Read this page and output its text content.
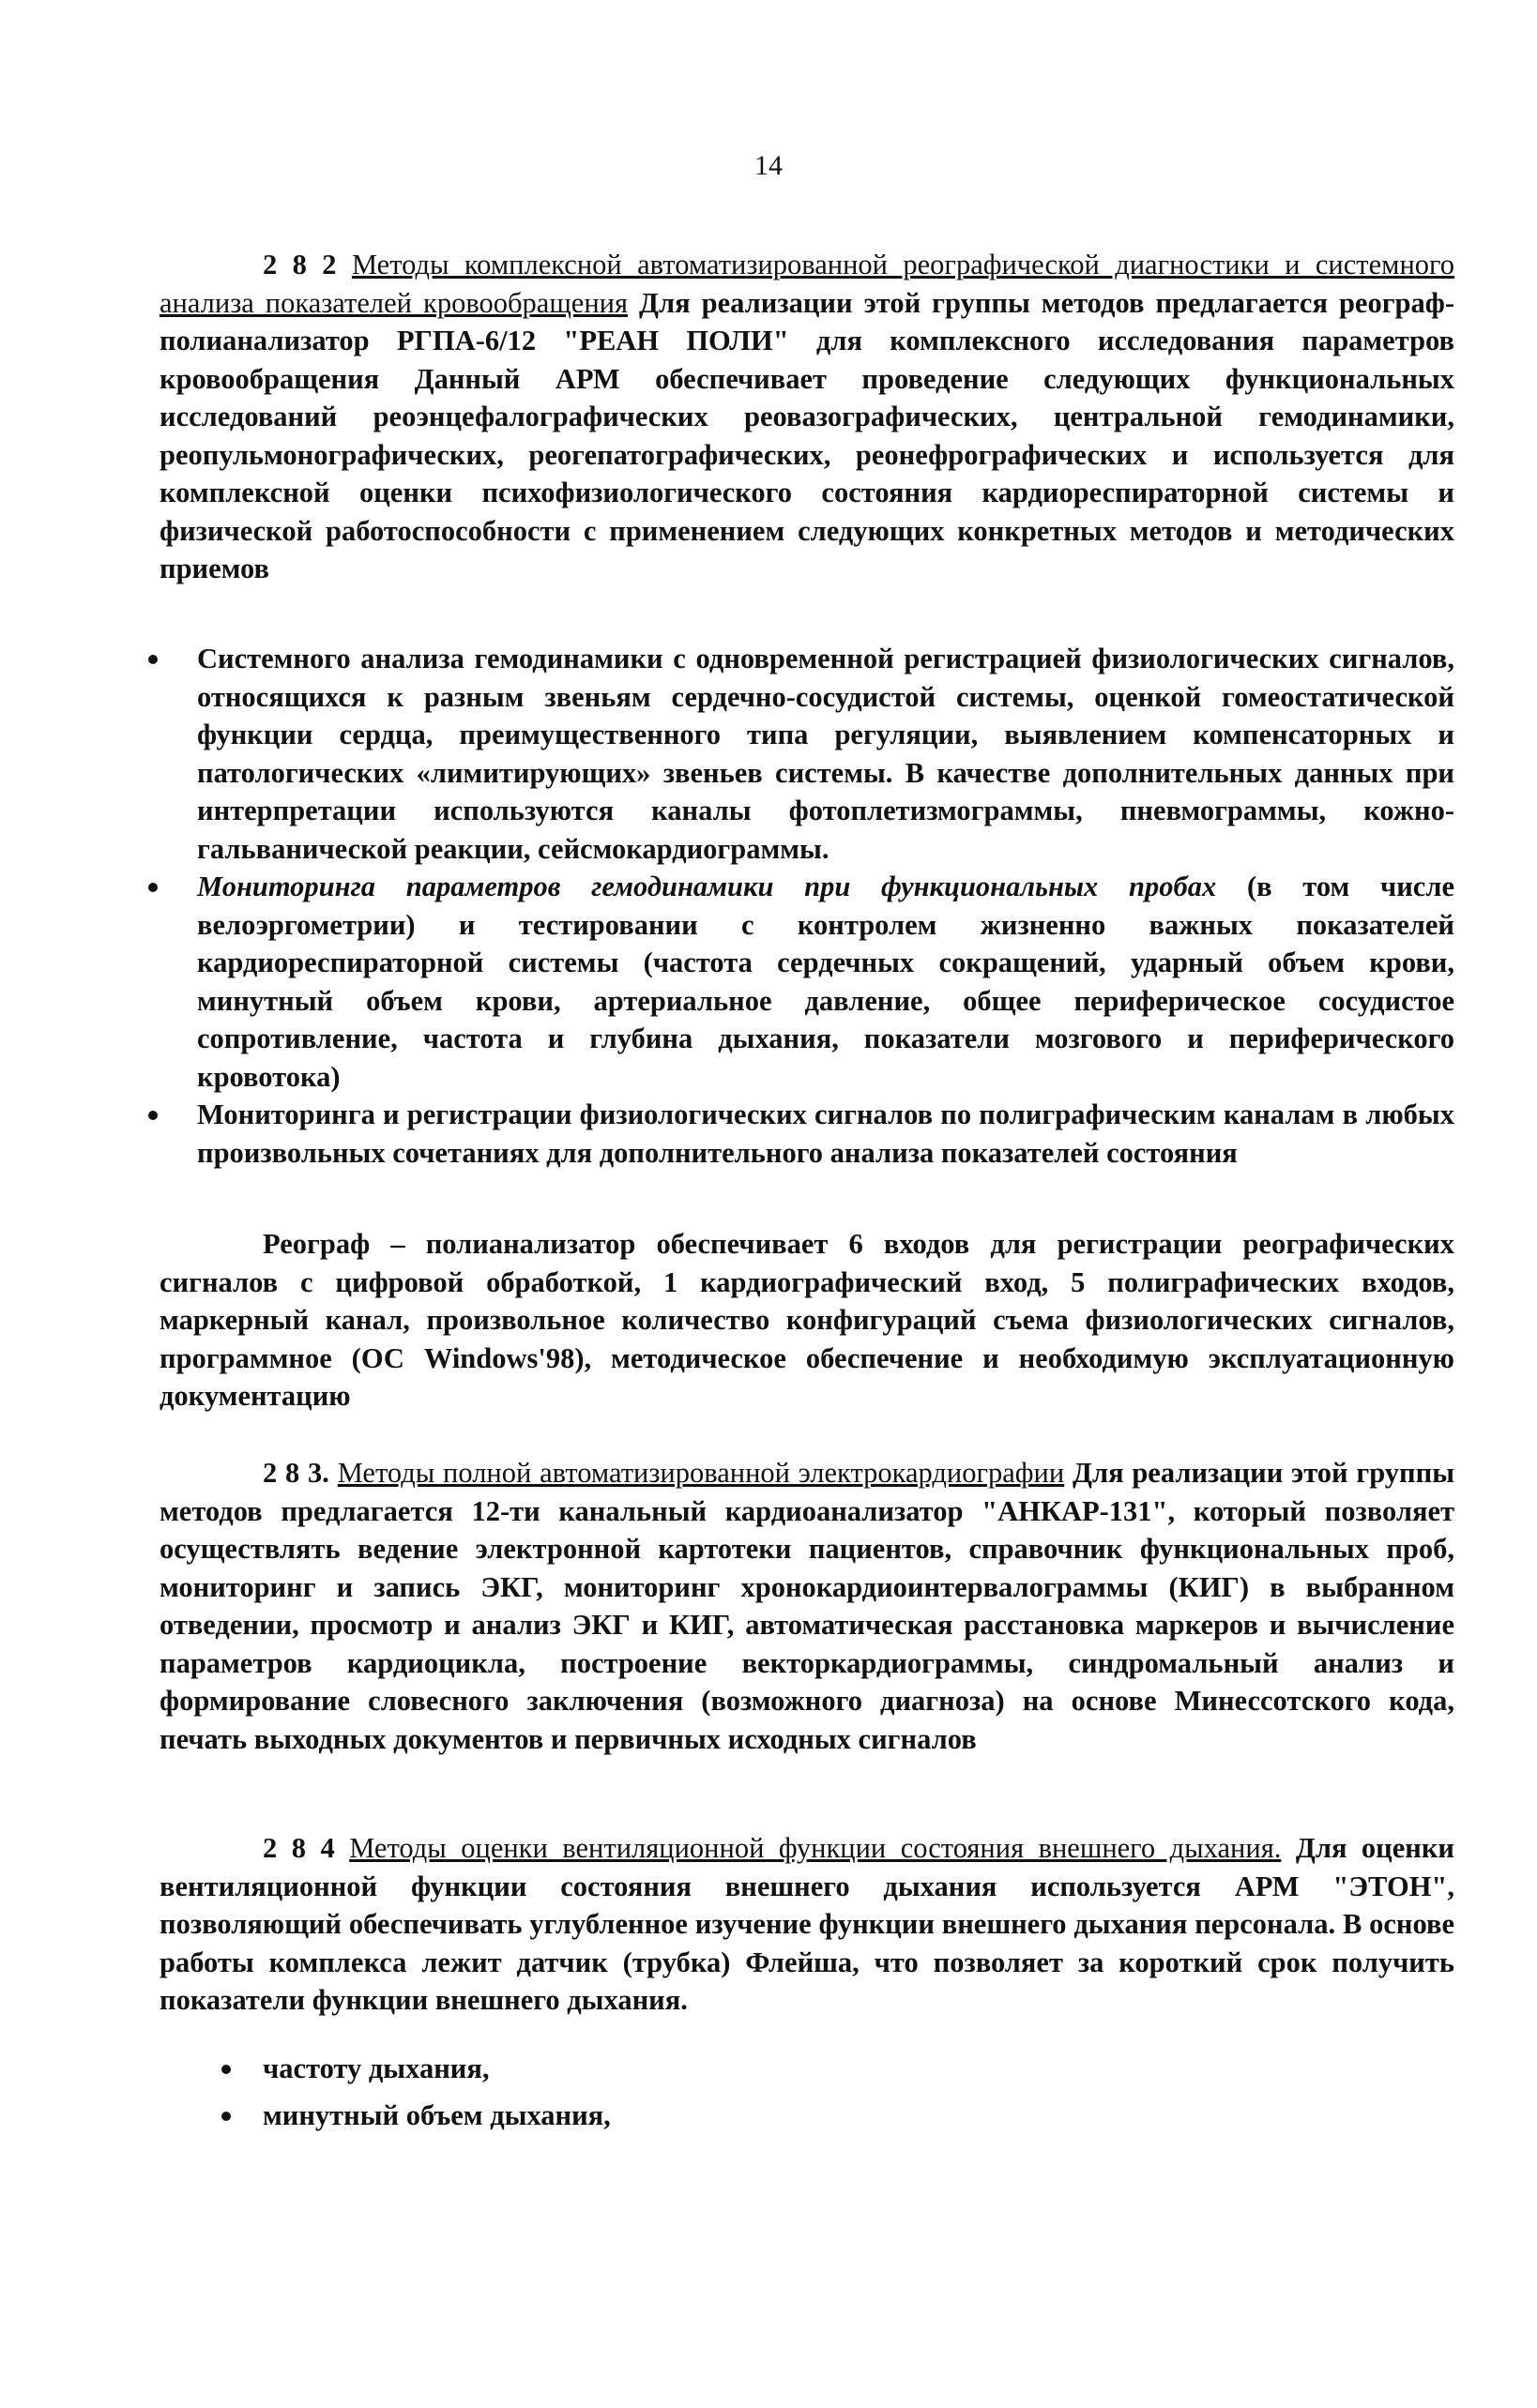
14
2 8 2 Методы комплексной автоматизированной реографической диагностики и системного анализа показателей кровообращения Для реализации этой группы методов предлагается реограф-полианализатор РГПА-6/12 "РЕАН ПОЛИ" для комплексного исследования параметров кровообращения Данный АРМ обеспечивает проведение следующих функциональных исследований реоэнцефалографических реовазографических, центральной гемодинамики, реопульмонографических, реогепатографических, реонефрографических и используется для комплексной оценки психофизиологического состояния кардиореспираторной системы и физической работоспособности с применением следующих конкретных методов и методических приемов
Системного анализа гемодинамики с одновременной регистрацией физиологических сигналов, относящихся к разным звеньям сердечно-сосудистой системы, оценкой гомеостатической функции сердца, преимущественного типа регуляции, выявлением компенсаторных и патологических «лимитирующих» звеньев системы. В качестве дополнительных данных при интерпретации используются каналы фотоплетизмограммы, пневмограммы, кожно-гальванической реакции, сейсмокардиограммы.
Мониторинга параметров гемодинамики при функциональных пробах (в том числе велоэргометрии) и тестировании с контролем жизненно важных показателей кардиореспираторной системы (частота сердечных сокращений, ударный объем крови, минутный объем крови, артериальное давление, общее периферическое сосудистое сопротивление, частота и глубина дыхания, показатели мозгового и периферического кровотока)
Мониторинга и регистрации физиологических сигналов по полиграфическим каналам в любых произвольных сочетаниях для дополнительного анализа показателей состояния
Реограф – полианализатор обеспечивает 6 входов для регистрации реографических сигналов с цифровой обработкой, 1 кардиографический вход, 5 полиграфических входов, маркерный канал, произвольное количество конфигураций съема физиологических сигналов, программное (ОС Windows'98), методическое обеспечение и необходимую эксплуатационную документацию
2 8 3. Методы полной автоматизированной электрокардиографии Для реализации этой группы методов предлагается 12-ти канальный кардиоанализатор "АНКАР-131", который позволяет осуществлять ведение электронной картотеки пациентов, справочник функциональных проб, мониторинг и запись ЭКГ, мониторинг хронокардиоинтервалограммы (КИГ) в выбранном отведении, просмотр и анализ ЭКГ и КИГ, автоматическая расстановка маркеров и вычисление параметров кардиоцикла, построение векторкардиограммы, синдромальный анализ и формирование словесного заключения (возможного диагноза) на основе Минессотского кода, печать выходных документов и первичных исходных сигналов
2 8 4 Методы оценки вентиляционной функции состояния внешнего дыхания. Для оценки вентиляционной функции состояния внешнего дыхания используется АРМ "ЭТОН", позволяющий обеспечивать углубленное изучение функции внешнего дыхания персонала. В основе работы комплекса лежит датчик (трубка) Флейша, что позволяет за короткий срок получить показатели функции внешнего дыхания.
частоту дыхания,
минутный объем дыхания,
